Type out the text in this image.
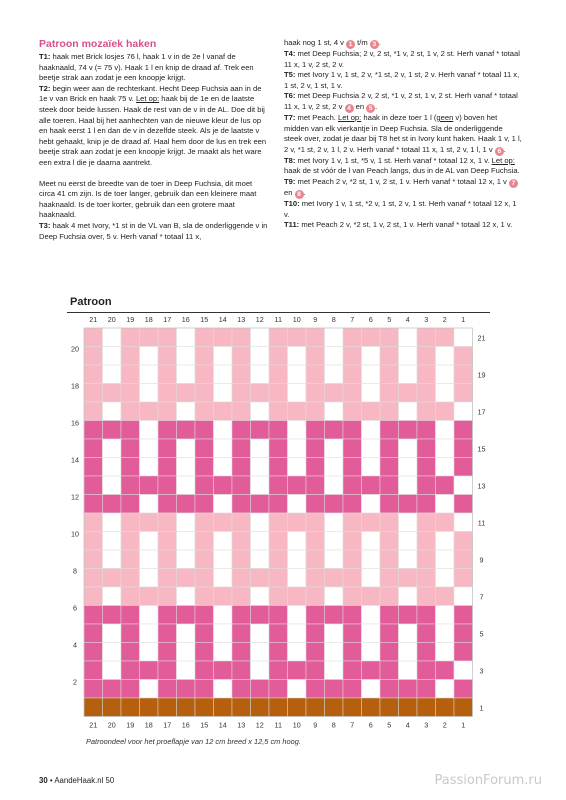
Patroon mozaïek haken

T1: haak met Brick losjes 76 l, haak 1 v in de 2e l vanaf de haaknaald, 74 v (= 75 v). Haak 1 l en knip de draad af. Trek een beetje strak aan zodat je een knoopje krijgt.

T2: begin weer aan de rechterkant. Hecht Deep Fuchsia aan in de 1e v van Brick en haak 75 v. Let op: haak bij de 1e en de laatste steek door beide lussen. Haak de rest van de v in de AL. Doe dit bij alle toeren. Haal bij het aanhechten van de nieuwe kleur de lus op en haak eerst 1 l en dan de v in dezelfde steek. Als je de laatste v hebt gehaakt, knip je de draad af. Haal hem door de lus en trek een beetje strak aan zodat je een knoopje krijgt. Je maakt als het ware een extra l die je daarna aantrekt.

Meet nu eerst de breedte van de toer in Deep Fuchsia, dit moet circa 41 cm zijn. Is de toer langer, gebruik dan een kleinere maat haaknaald. Is de toer korter, gebruik dan een grotere maat haaknaald.

T3: haak 4 met Ivory, *1 st in de VL van B, sla de onderliggende v in Deep Fuchsia over, 5 v. Herh vanaf * totaal 11 x,

haak nog 1 st, 4 v 1 t/m 3 .

T4: met Deep Fuchsia; 2 v, 2 st, *1 v, 2 st, 1 v, 2 st. Herh vanaf * totaal 11 x, 1 v, 2 st, 2 v.

T5: met Ivory 1 v, 1 st, 2 v, *1 st, 2 v, 1 st, 2 v. Herh vanaf * totaal 11 x, 1 st, 2 v, 1 st, 1 v.

T6: met Deep Fuchsia 2 v, 2 st, *1 v, 2 st, 1 v, 2 st. Herh vanaf * totaal 11 x, 1 v, 2 st, 2 v 4 en 5 .

T7: met Peach. Let op: haak in deze toer 1 l (geen v) boven het midden van elk vierkantje in Deep Fuchsia. Sla de onderliggende steek over, zodat je daar bij T8 het st in Ivory kunt haken. Haak 1 v, 1 l, 2 v, *1 st, 2 v, 1 l, 2 v. Herh vanaf * totaal 11 x, 1 st, 2 v, 1 l, 1 v 6 .

T8: met Ivory 1 v, 1 st, *5 v, 1 st. Herh vanaf * totaal 12 x, 1 v. Let op: haak de st vóór de l van Peach langs, dus in de AL van Deep Fuchsia.

T9: met Peach 2 v, *2 st, 1 v, 2 st, 1 v. Herh vanaf * totaal 12 x, 1 v 7 en 8 .

T10: met Ivory 1 v, 1 st, *2 v, 1 st, 2 v, 1 st. Herh vanaf * totaal 12 x, 1 v.

T11: met Peach 2 v, *2 st, 1 v, 2 st, 1 v. Herh vanaf * totaal 12 x, 1 v.

Patroon
21 20 19 18 17 16 15 14 13 12 11 10 9 8 7 6 5 4 3 2 1
21 20 19 18 17 16 15 14 13 12 11 10 9 8 7 6 5 4 3 2 1
20
18
16
14
12
10
8
6
4
2
21
19
17
15
13
11
9
7
5
3
1
Patroondeel voor het proeflapje van 12 cm breed x 12,5 cm hoog.
30 • AandeHaak.nl 50	PassionForum.ru
